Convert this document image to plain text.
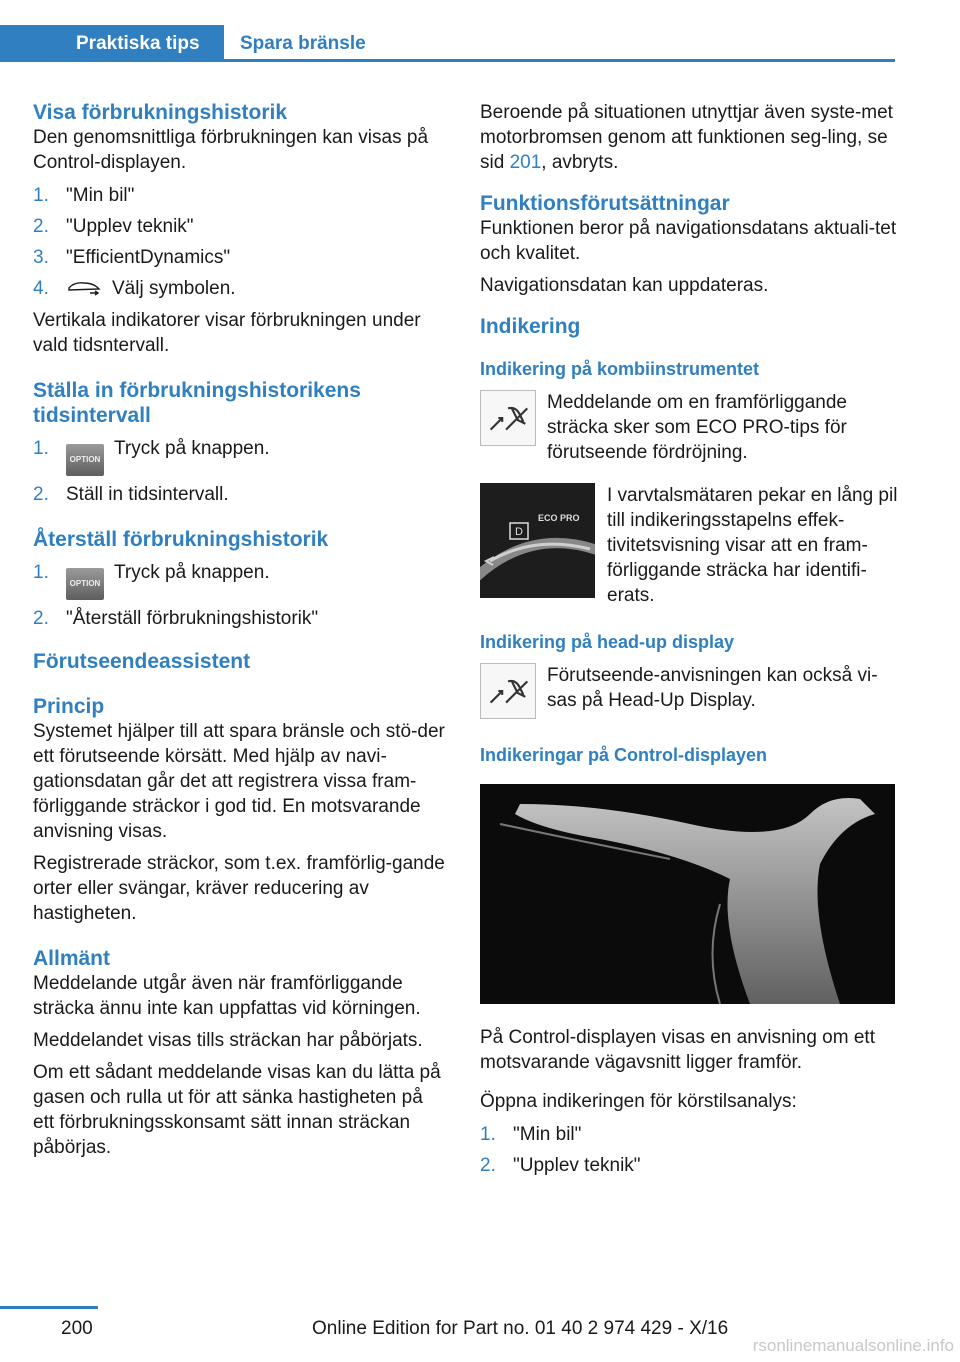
Praktiska tips	Spara bränsle
Visa förbrukningshistorik

Den genomsnittliga förbrukningen kan visas på Control-displayen.

1. "Min bil"
2. "Upplev teknik"
3. "EfficientDynamics"
4.	Välj symbolen.

Vertikala indikatorer visar förbrukningen under vald tidsntervall.

Ställa in förbrukningshistorikens tidsintervall
1.
OPTIONTryck på knappen.
2. Ställ in tidsintervall.
Återställ förbrukningshistorik
1.
OPTIONTryck på knappen.
2. "Återställ förbrukningshistorik"
Förutseendeassistent
Princip

Systemet hjälper till att spara bränsle och stö-der ett förutseende körsätt. Med hjälp av navi-gationsdatan går det att registrera vissa fram-förliggande sträckor i god tid. En motsvarande anvisning visas.

Registrerade sträckor, som t.ex. framförlig-gande orter eller svängar, kräver reducering av hastigheten.

Allmänt

Meddelande utgår även när framförliggande sträcka ännu inte kan uppfattas vid körningen.

Meddelandet visas tills sträckan har påbörjats.

Om ett sådant meddelande visas kan du lätta på gasen och rulla ut för att sänka hastigheten på ett förbrukningsskonsamt sätt innan sträckan påbörjas.

Beroende på situationen utnyttjar även syste-met motorbromsen genom att funktionen seg-ling, se sid 201, avbryts.

Funktionsförutsättningar

Funktionen beror på navigationsdatans aktuali-tet och kvalitet.

Navigationsdatan kan uppdateras.

Indikering
Indikering på kombiinstrumentet

Meddelande om en framförliggande sträcka sker som ECO PRO-tips för förutseende fördröjning.

D
ECO PRO

I varvtalsmätaren pekar en lång pil till indikeringsstapelns effek-tivitetsvisning visar att en fram-förliggande sträcka har identifi-erats.

Indikering på head-up display

Förutseende-anvisningen kan också vi-sas på Head-Up Display.

Indikeringar på Control-displayen

På Control-displayen visas en anvisning om ett motsvarande vägavsnitt ligger framför.

Öppna indikeringen för körstilsanalys:

1. "Min bil"
2. "Upplev teknik"
200	Online Edition for Part no. 01 40 2 974 429 - X/16
rsonlinemanualsonline.info
